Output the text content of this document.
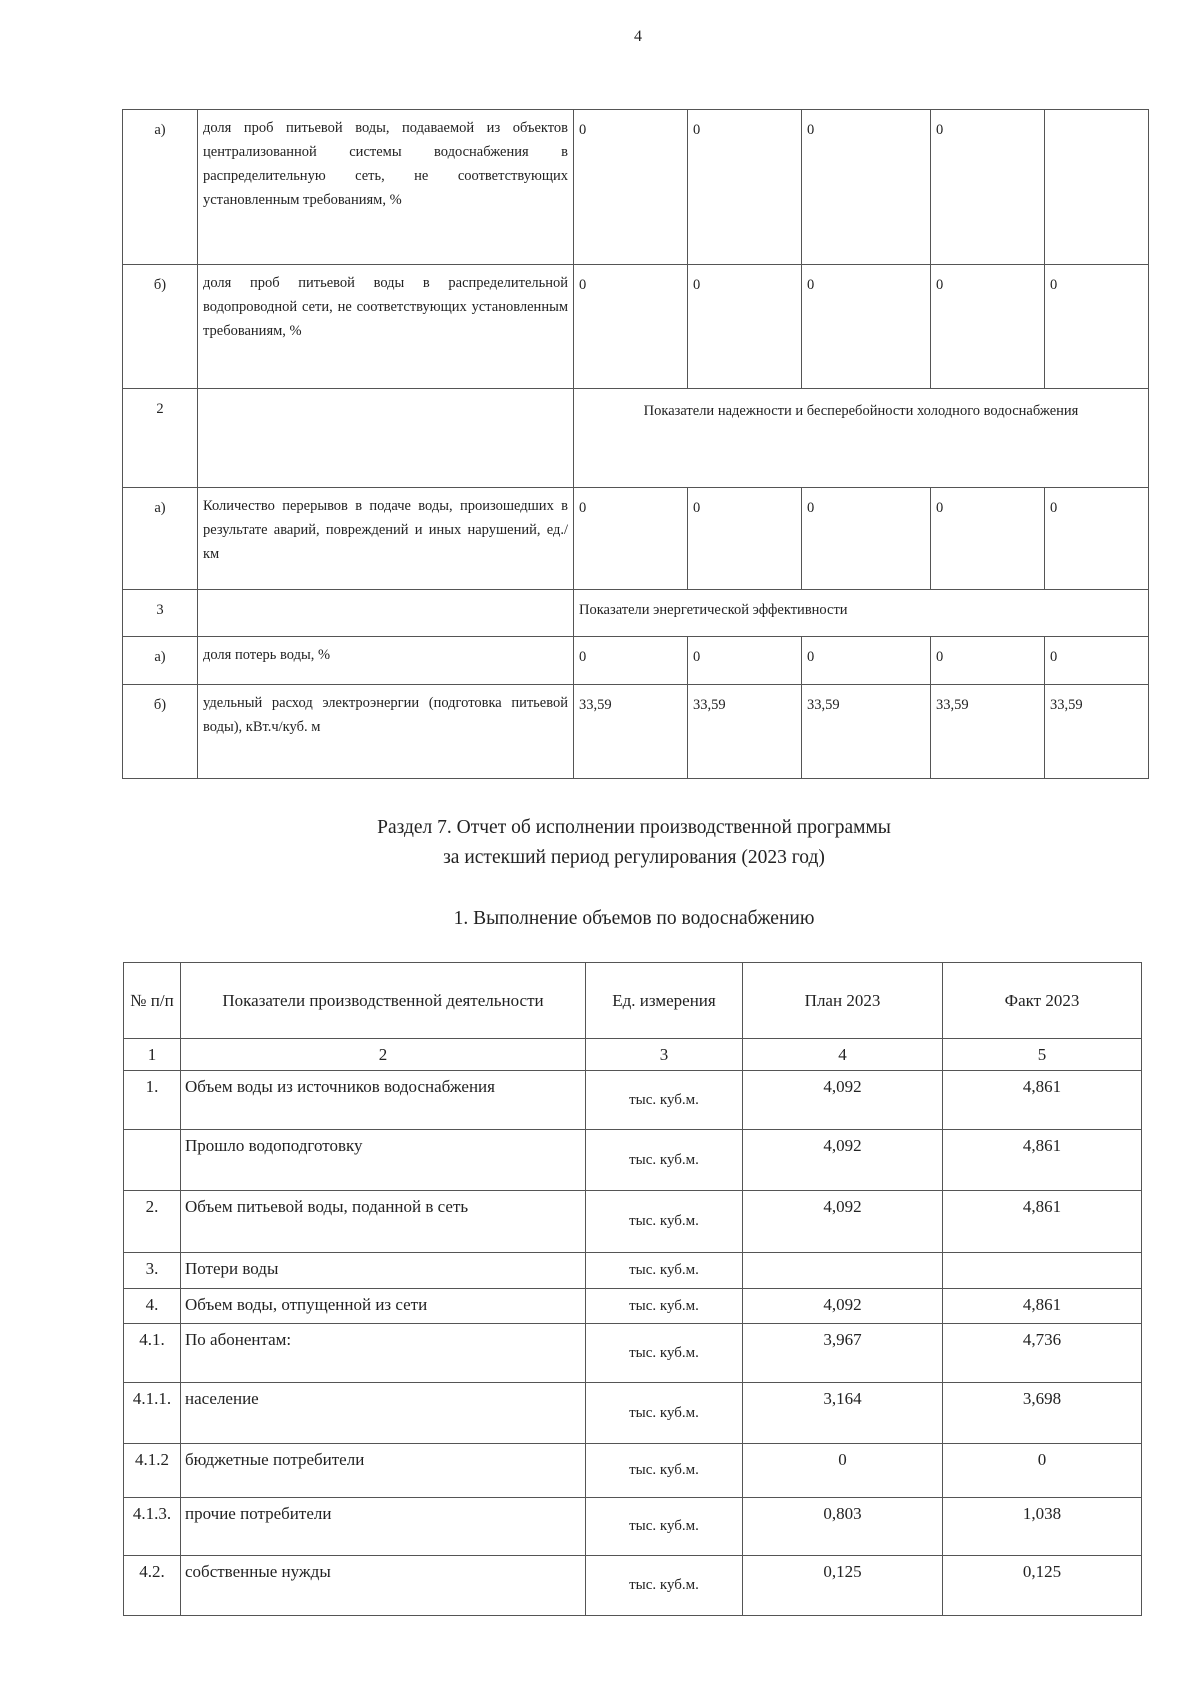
4
а)	доля проб питьевой воды, подаваемой из объектов централизованной системы водоснабжения в распределительную сеть, не соответствующих установленным требованиям, %	0	0	0	0	
б)	доля проб питьевой воды в распределительной водопроводной сети, не соответствующих установленным требованиям, %	0	0	0	0	0
2		Показатели надежности и бесперебойности холодного водоснабжения				
а)	Количество перерывов в подаче воды, произошедших в результате аварий, повреждений и иных нарушений, ед./км	0	0	0	0	0
3		Показатели энергетической эффективности				
а)	доля потерь воды, %	0	0	0	0	0
б)	удельный расход электроэнергии (подготовка питьевой воды), кВт.ч/куб. м	33,59	33,59	33,59	33,59	33,59
Раздел 7. Отчет об исполнении производственной программы
за истекший период регулирования (2023 год)
1. Выполнение объемов по водоснабжению
№ п/п	Показатели производственной деятельности	Ед. измерения	План 2023	Факт 2023
1	2	3	4	5
1.	Объем воды из источников водоснабжения	тыс. куб.м.	4,092	4,861
	Прошло водоподготовку	тыс. куб.м.	4,092	4,861
2.	Объем питьевой воды, поданной в сеть	тыс. куб.м.	4,092	4,861
3.	Потери воды	тыс. куб.м.		
4.	Объем воды, отпущенной из сети	тыс. куб.м.	4,092	4,861
4.1.	По абонентам:	тыс. куб.м.	3,967	4,736
4.1.1.	население	тыс. куб.м.	3,164	3,698
4.1.2	бюджетные потребители	тыс. куб.м.	0	0
4.1.3.	прочие потребители	тыс. куб.м.	0,803	1,038
4.2.	собственные нужды	тыс. куб.м.	0,125	0,125
